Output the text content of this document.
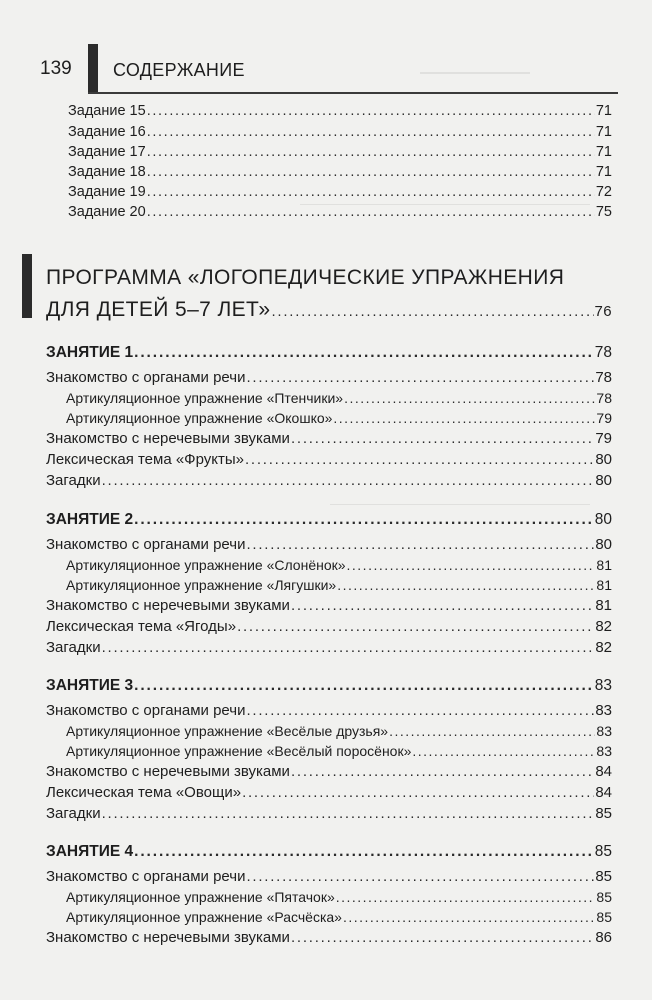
139 СОДЕРЖАНИЕ
Задание 15 . . .	71
Задание 16 . . .	71
Задание 17 . . .	71
Задание 18 . . .	71
Задание 19 . . .	72
Задание 20 . . .	75
ПРОГРАММА «ЛОГОПЕДИЧЕСКИЕ УПРАЖНЕНИЯ
ДЛЯ ДЕТЕЙ 5–7 ЛЕТ» . . .	76
ЗАНЯТИЕ 1 . . .	78
Знакомство с органами речи . . .	78
Артикуляционное упражнение «Птенчики» . . .	78
Артикуляционное упражнение «Окошко» . . .	79
Знакомство с неречевыми звуками . . .	79
Лексическая тема «Фрукты» . . .	80
Загадки . . .	80
ЗАНЯТИЕ 2 . . .	80
Знакомство с органами речи . . .	80
Артикуляционное упражнение «Слонёнок» . . .	81
Артикуляционное упражнение «Лягушки» . . .	81
Знакомство с неречевыми звуками . . .	81
Лексическая тема «Ягоды» . . .	82
Загадки . . .	82
ЗАНЯТИЕ 3 . . .	83
Знакомство с органами речи . . .	83
Артикуляционное упражнение «Весёлые друзья» . . .	83
Артикуляционное упражнение «Весёлый поросёнок» . . .	83
Знакомство с неречевыми звуками . . .	84
Лексическая тема «Овощи» . . .	84
Загадки . . .	85
ЗАНЯТИЕ 4 . . .	85
Знакомство с органами речи . . .	85
Артикуляционное упражнение «Пятачок» . . .	85
Артикуляционное упражнение «Расчёска» . . .	85
Знакомство с неречевыми звуками . . .	86
